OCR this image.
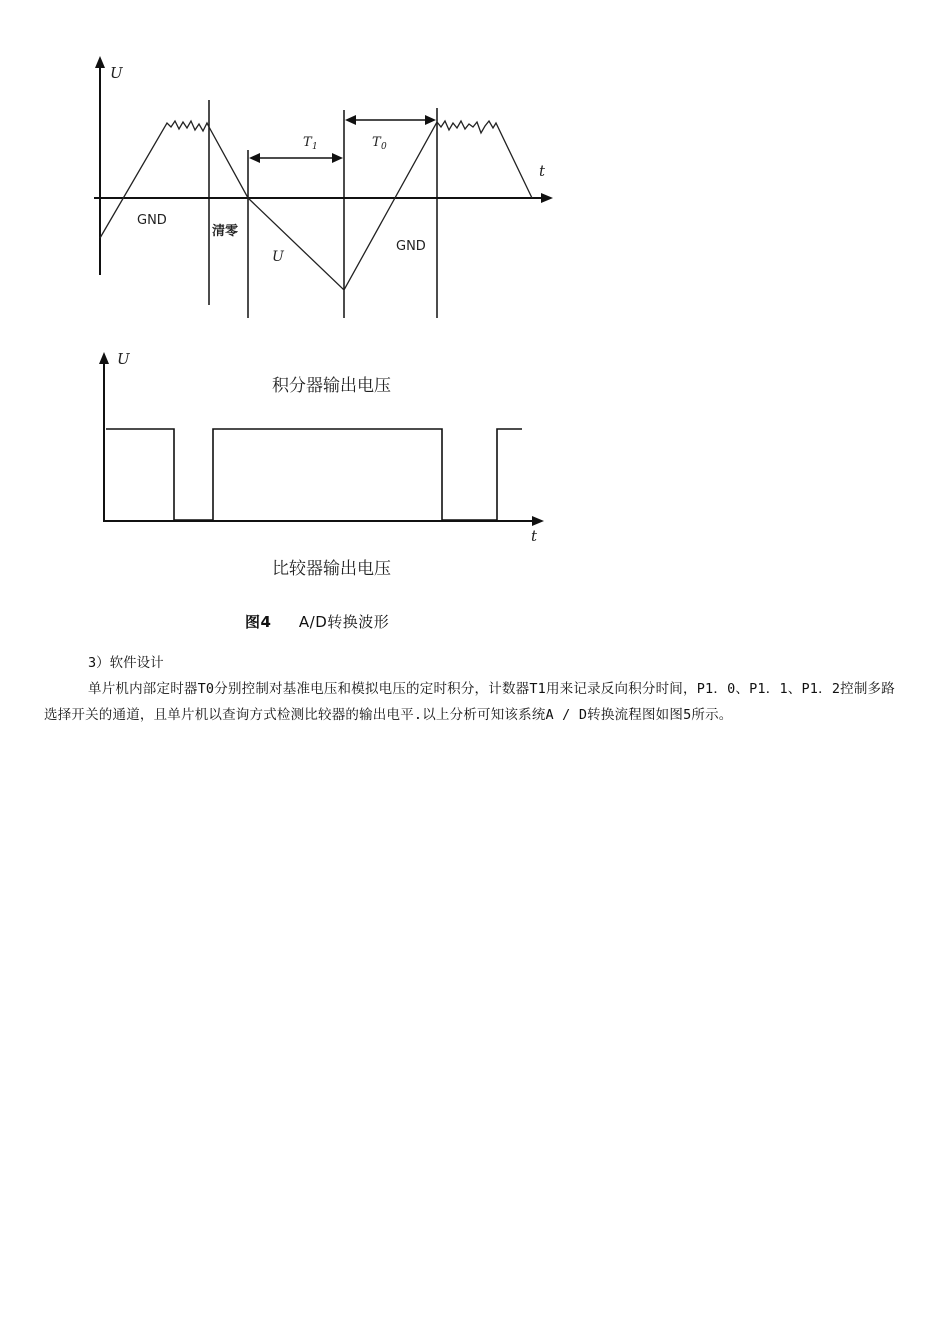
U
t
T 1	T 0
GND
清零
U
GND
积分器输出电压
U
t
比较器输出电压
图4 A/D转换波形
3）软件设计
单片机内部定时器T0分别控制对基准电压和模拟电压的定时积分，计数器T1用来记录反向积分时间，P1．0、P1．1、P1．2控制多路选择开关的通道，且单片机以查询方式检测比较器的输出电平.以上分析可知该系统A / D转换流程图如图5所示。
